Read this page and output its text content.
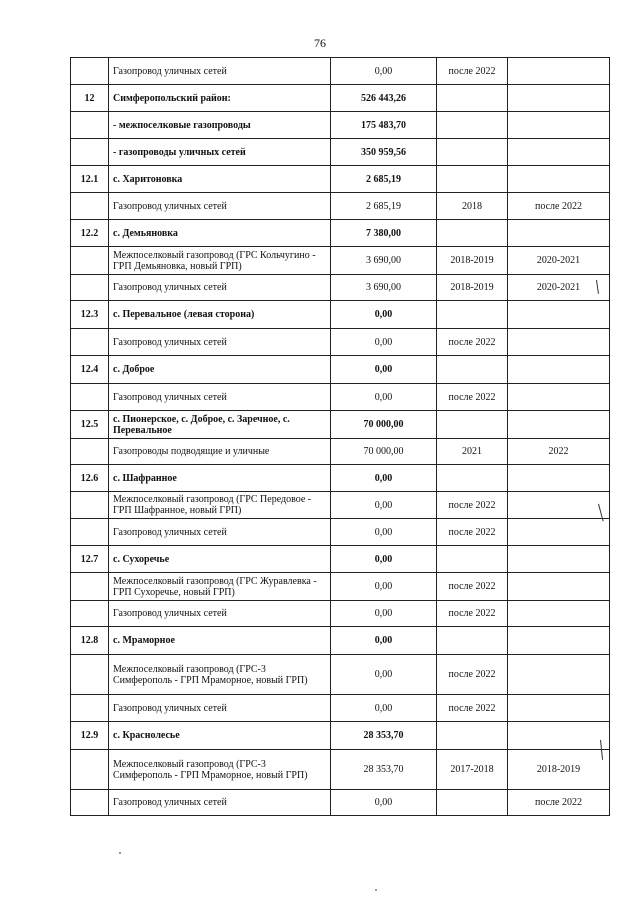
76
	Газопровод уличных сетей	0,00	после 2022	
12	Симферопольский район:	526 443,26		
	- межпоселковые газопроводы	175 483,70		
	- газопроводы уличных сетей	350 959,56		
12.1	с. Харитоновка	2 685,19		
	Газопровод уличных сетей	2 685,19	2018	после 2022
12.2	с. Демьяновка	7 380,00		
	Межпоселковый газопровод (ГРС Кольчугино - ГРП Демьяновка, новый ГРП)	3 690,00	2018-2019	2020-2021
	Газопровод уличных сетей	3 690,00	2018-2019	2020-2021
12.3	с. Перевальное (левая сторона)	0,00		
	Газопровод уличных сетей	0,00	после 2022	
12.4	с. Доброе	0,00		
	Газопровод уличных сетей	0,00	после 2022	
12.5	с. Пионерское, с. Доброе, с. Заречное, с. Перевальное	70 000,00		
	Газопроводы подводящие и уличные	70 000,00	2021	2022
12.6	с. Шафранное	0,00		
	Межпоселковый газопровод (ГРС Передовое - ГРП Шафранное, новый ГРП)	0,00	после 2022	
	Газопровод уличных сетей	0,00	после 2022	
12.7	с. Сухоречье	0,00		
	Межпоселковый газопровод (ГРС Журавлевка - ГРП Сухоречье, новый ГРП)	0,00	после 2022	
	Газопровод уличных сетей	0,00	после 2022	
12.8	с. Мраморное	0,00		
	Межпоселковый газопровод (ГРС-3 Симферополь - ГРП Мраморное, новый ГРП)	0,00	после 2022	
	Газопровод уличных сетей	0,00	после 2022	
12.9	с. Краснолесье	28 353,70		
	Межпоселковый газопровод (ГРС-3 Симферополь - ГРП Мраморное, новый ГРП)	28 353,70	2017-2018	2018-2019
	Газопровод уличных сетей	0,00		после 2022
